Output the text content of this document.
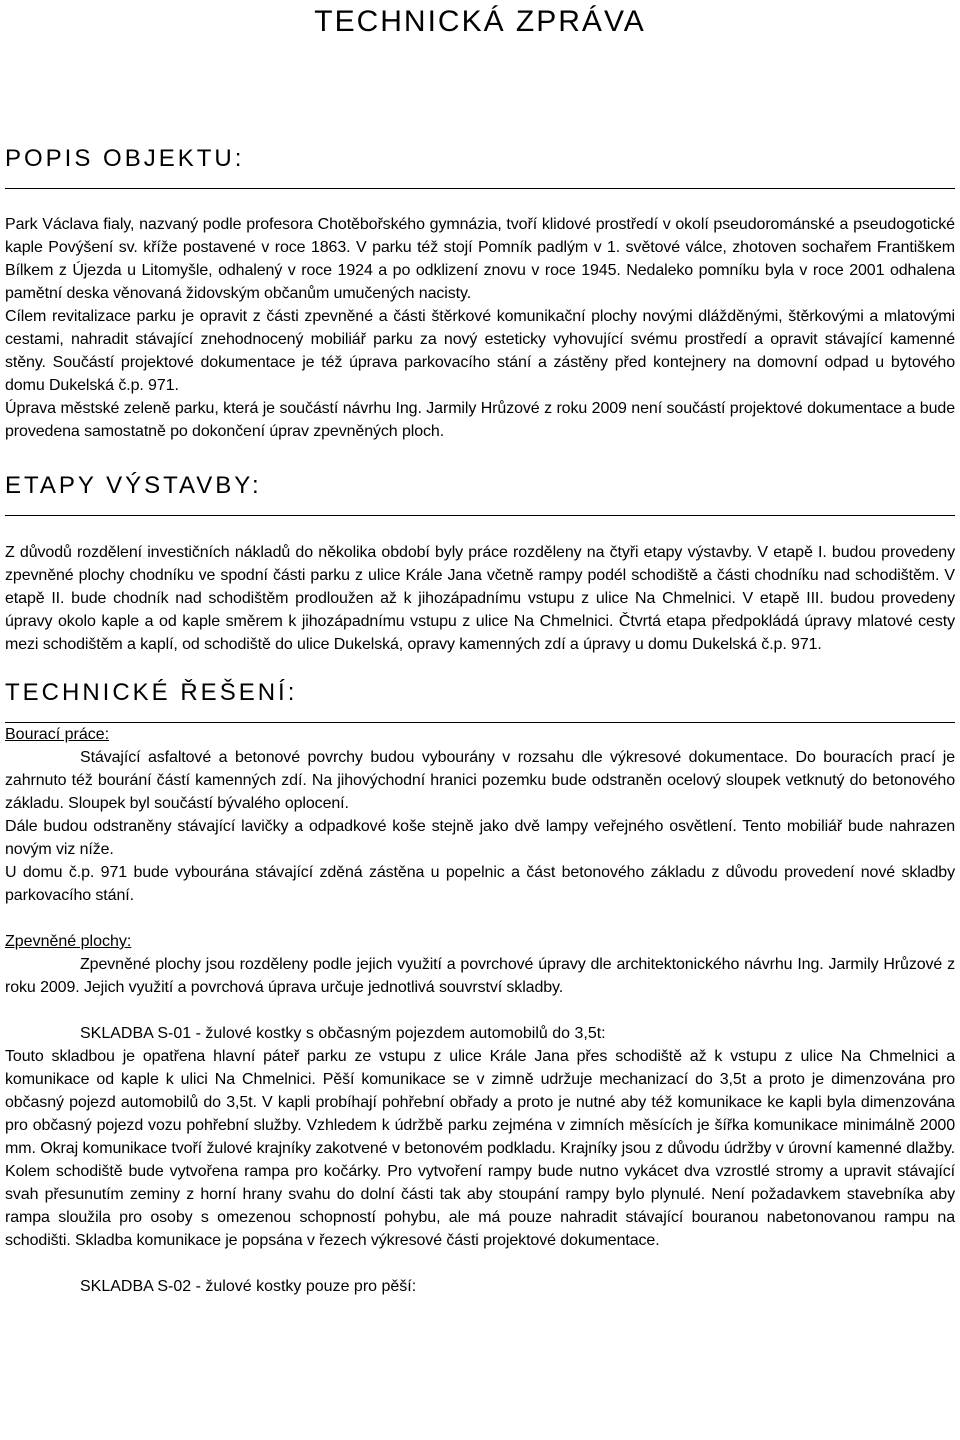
TECHNICKÁ ZPRÁVA
POPIS OBJEKTU:

Park Václava fialy, nazvaný podle profesora Chotěbořského gymnázia, tvoří klidové prostředí v okolí pseudorománské a pseudogotické kaple Povýšení sv. kříže postavené v roce 1863. V parku též stojí Pomník padlým v 1. světové válce, zhotoven sochařem Františkem Bílkem z Újezda u Litomyšle, odhalený v roce 1924 a po odklizení znovu v roce 1945. Nedaleko pomníku byla v roce 2001 odhalena pamětní deska věnovaná židovským občanům umučených nacisty.

Cílem revitalizace parku je opravit z části zpevněné a části štěrkové komunikační plochy novými dlážděnými, štěrkovými a mlatovými cestami, nahradit stávající znehodnocený mobiliář parku za nový esteticky vyhovující svému prostředí a opravit stávající kamenné stěny. Součástí projektové dokumentace je též úprava parkovacího stání a zástěny před kontejnery na domovní odpad u bytového domu Dukelská č.p. 971.

Úprava městské zeleně parku, která je součástí návrhu Ing. Jarmily Hrůzové z roku 2009 není součástí projektové dokumentace a bude provedena samostatně po dokončení úprav zpevněných ploch.

ETAPY VÝSTAVBY:

Z důvodů rozdělení investičních nákladů do několika období byly práce rozděleny na čtyři etapy výstavby. V etapě I. budou provedeny zpevněné plochy chodníku ve spodní části parku z ulice Krále Jana včetně rampy podél schodiště a části chodníku nad schodištěm. V etapě II. bude chodník nad schodištěm prodloužen až k jihozápadnímu vstupu z ulice Na Chmelnici. V etapě III. budou provedeny úpravy okolo kaple a od kaple směrem k jihozápadnímu vstupu z ulice Na Chmelnici. Čtvrtá etapa předpokládá úpravy mlatové cesty mezi schodištěm a kaplí, od schodiště do ulice Dukelská, opravy kamenných zdí a úpravy u domu Dukelská č.p. 971.

TECHNICKÉ ŘEŠENÍ:

Bourací práce:

Stávající asfaltové a betonové povrchy budou vybourány v rozsahu dle výkresové dokumentace. Do bouracích prací je zahrnuto též bourání částí kamenných zdí. Na jihovýchodní hranici pozemku bude odstraněn ocelový sloupek vetknutý do betonového základu. Sloupek byl součástí bývalého oplocení.

Dále budou odstraněny stávající lavičky a odpadkové koše stejně jako dvě lampy veřejného osvětlení. Tento mobiliář bude nahrazen novým viz níže.

U domu č.p. 971 bude vybourána stávající zděná zástěna u popelnic a část betonového základu z důvodu provedení nové skladby parkovacího stání.

Zpevněné plochy:

Zpevněné plochy jsou rozděleny podle jejich využití a povrchové úpravy dle architektonického návrhu Ing. Jarmily Hrůzové z roku 2009. Jejich využití a povrchová úprava určuje jednotlivá souvrství skladby.

SKLADBA S-01 - žulové kostky s občasným pojezdem automobilů do 3,5t:

Touto skladbou je opatřena hlavní páteř parku ze vstupu z ulice Krále Jana přes schodiště až k vstupu z ulice Na Chmelnici a komunikace od kaple k ulici Na Chmelnici. Pěší komunikace se v zimně udržuje mechanizací do 3,5t a proto je dimenzována pro občasný pojezd automobilů do 3,5t. V kapli probíhají pohřební obřady a proto je nutné aby též komunikace ke kapli byla dimenzována pro občasný pojezd vozu pohřební služby. Vzhledem k údržbě parku zejména v zimních měsících je šířka komunikace minimálně 2000 mm. Okraj komunikace tvoří žulové krajníky zakotvené v betonovém podkladu. Krajníky jsou z důvodu údržby v úrovní kamenné dlažby. Kolem schodiště bude vytvořena rampa pro kočárky. Pro vytvoření rampy bude nutno vykácet dva vzrostlé stromy a upravit stávající svah přesunutím zeminy z horní hrany svahu do dolní části tak aby stoupání rampy bylo plynulé. Není požadavkem stavebníka aby rampa sloužila pro osoby s omezenou schopností pohybu, ale má pouze nahradit stávající bouranou nabetonovanou rampu na schodišti. Skladba komunikace je popsána v řezech výkresové části projektové dokumentace.

SKLADBA S-02 - žulové kostky pouze pro pěší:
